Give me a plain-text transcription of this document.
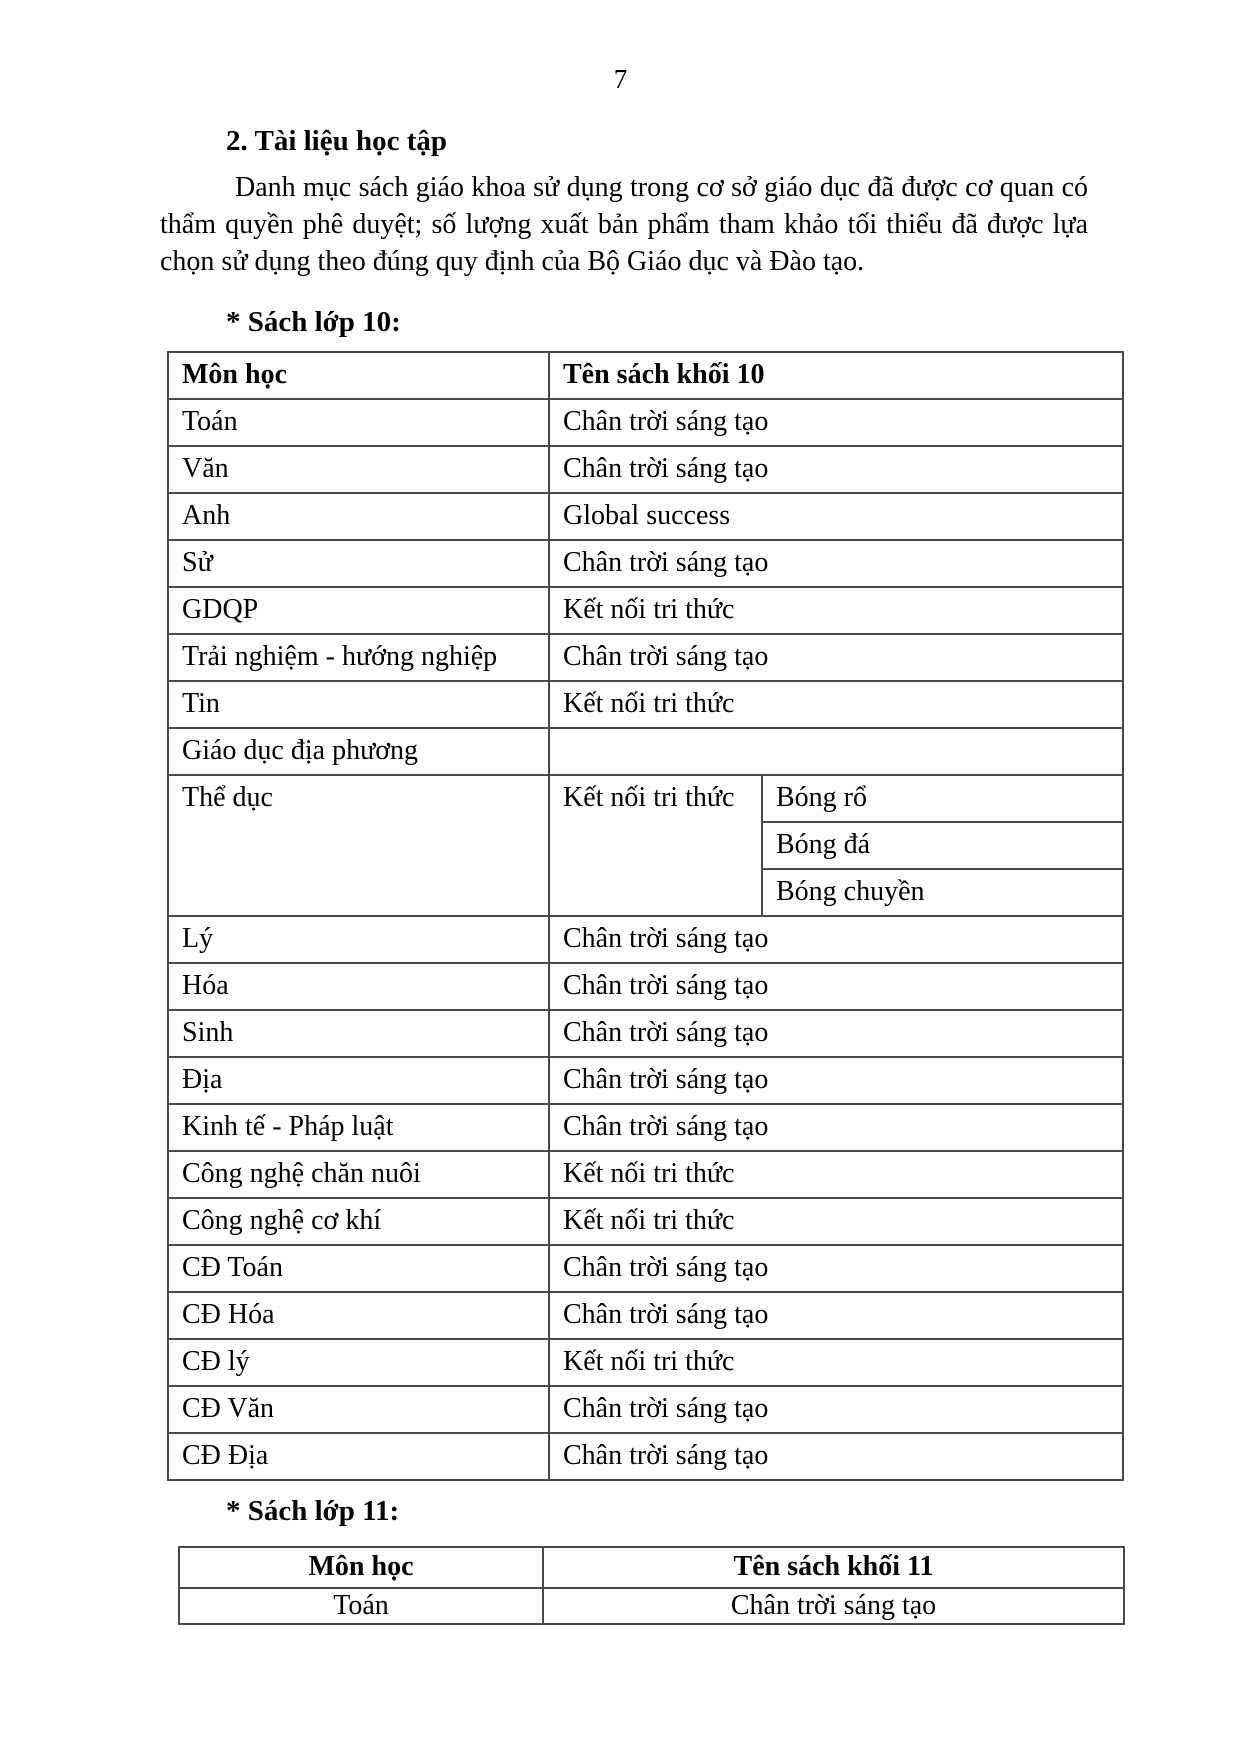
7
2. Tài liệu học tập

Danh mục sách giáo khoa sử dụng trong cơ sở giáo dục đã được cơ quan có thẩm quyền phê duyệt; số lượng xuất bản phẩm tham khảo tối thiểu đã được lựa chọn sử dụng theo đúng quy định của Bộ Giáo dục và Đào tạo.

* Sách lớp 10:
Môn học	Tên sách khối 10	
Toán	Chân trời sáng tạo	
Văn	Chân trời sáng tạo	
Anh	Global success	
Sử	Chân trời sáng tạo	
GDQP	Kết nối tri thức	
Trải nghiệm - hướng nghiệp	Chân trời sáng tạo	
Tin	Kết nối tri thức	
Giáo dục địa phương		
Thể dục	Kết nối tri thức	Bóng rổ
		Bóng đá
		Bóng chuyền
Lý	Chân trời sáng tạo	
Hóa	Chân trời sáng tạo	
Sinh	Chân trời sáng tạo	
Địa	Chân trời sáng tạo	
Kinh tế - Pháp luật	Chân trời sáng tạo	
Công nghệ chăn nuôi	Kết nối tri thức	
Công nghệ cơ khí	Kết nối tri thức	
CĐ Toán	Chân trời sáng tạo	
CĐ Hóa	Chân trời sáng tạo	
CĐ lý	Kết nối tri thức	
CĐ Văn	Chân trời sáng tạo	
CĐ Địa	Chân trời sáng tạo	
* Sách lớp 11:
Môn học	Tên sách khối 11
Toán	Chân trời sáng tạo
